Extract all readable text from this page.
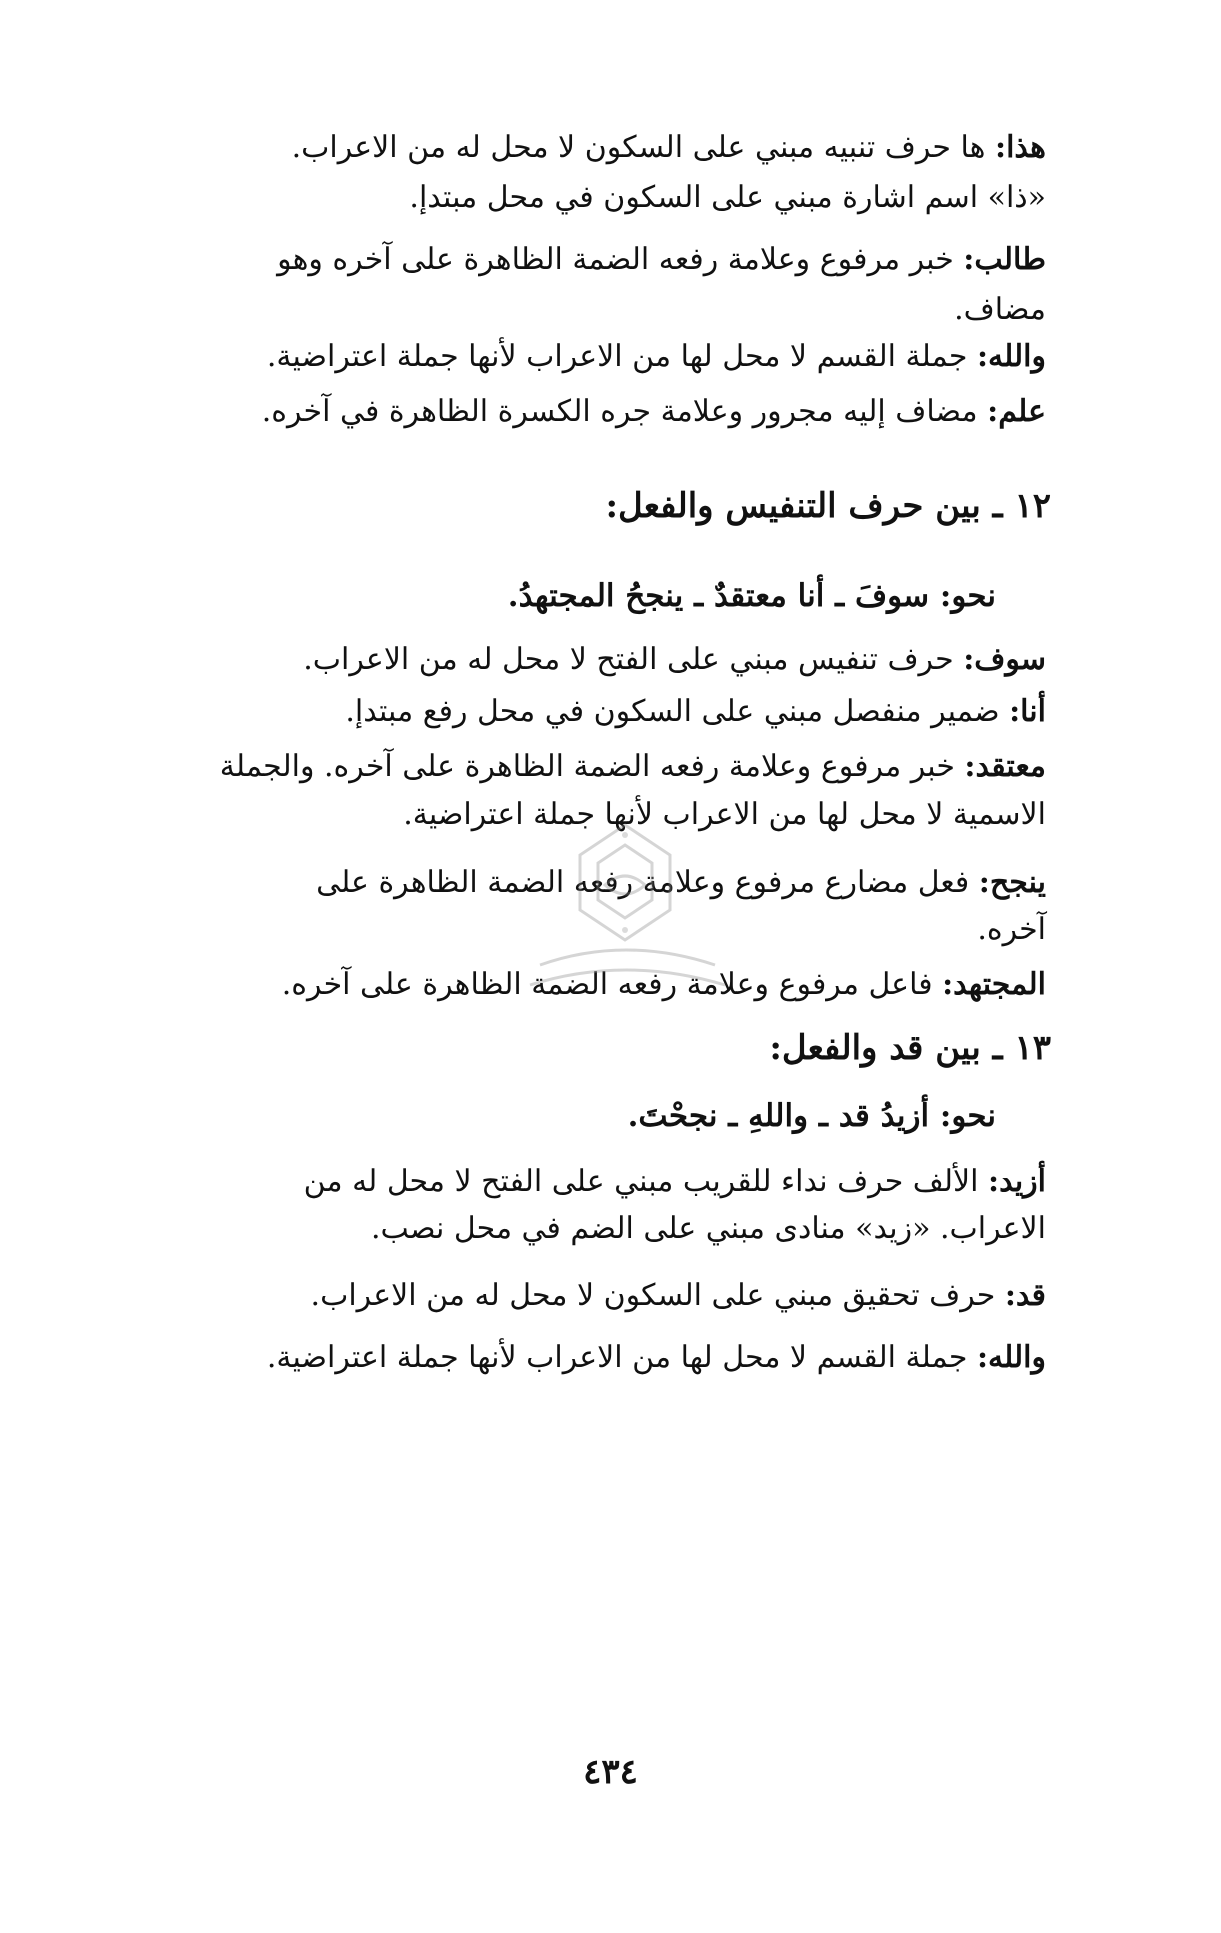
هذا: ها حرف تنبيه مبني على السكون لا محل له من الاعراب.
«ذا» اسم اشارة مبني على السكون في محل مبتدإ.
طالب: خبر مرفوع وعلامة رفعه الضمة الظاهرة على آخره وهو
مضاف.
والله: جملة القسم لا محل لها من الاعراب لأنها جملة اعتراضية.
علم: مضاف إليه مجرور وعلامة جره الكسرة الظاهرة في آخره.
١٢ ـ بين حرف التنفيس والفعل:
نحو: سوفَ ـ أنا معتقدٌ ـ ينجحُ المجتهدُ.
سوف: حرف تنفيس مبني على الفتح لا محل له من الاعراب.
أنا: ضمير منفصل مبني على السكون في محل رفع مبتدإ.
معتقد: خبر مرفوع وعلامة رفعه الضمة الظاهرة على آخره. والجملة
الاسمية لا محل لها من الاعراب لأنها جملة اعتراضية.
ينجح: فعل مضارع مرفوع وعلامة رفعه الضمة الظاهرة على
آخره.
المجتهد: فاعل مرفوع وعلامة رفعه الضمة الظاهرة على آخره.
١٣ ـ بين قد والفعل:
نحو: أزيدُ قد ـ واللهِ ـ نجحْتَ.
أزيد: الألف حرف نداء للقريب مبني على الفتح لا محل له من
الاعراب. «زيد» منادى مبني على الضم في محل نصب.
قد: حرف تحقيق مبني على السكون لا محل له من الاعراب.
والله: جملة القسم لا محل لها من الاعراب لأنها جملة اعتراضية.
٤٣٤
